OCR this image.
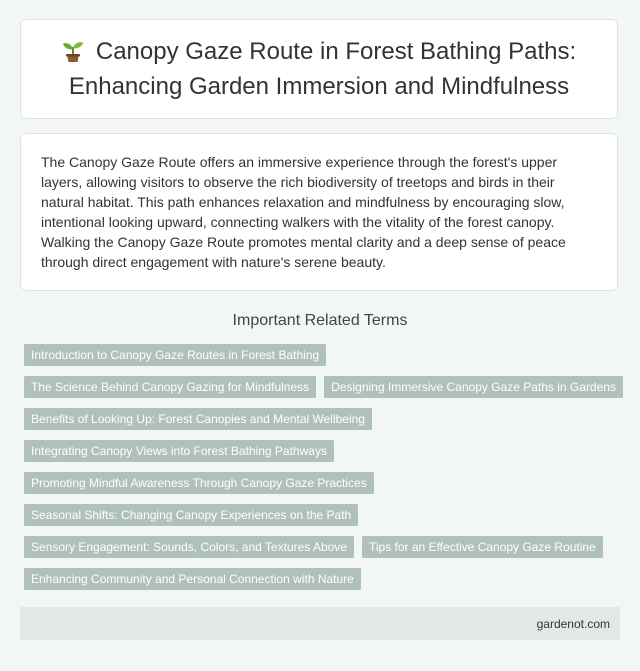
Canopy Gaze Route in Forest Bathing Paths: Enhancing Garden Immersion and Mindfulness

The Canopy Gaze Route offers an immersive experience through the forest's upper layers, allowing visitors to observe the rich biodiversity of treetops and birds in their natural habitat. This path enhances relaxation and mindfulness by encouraging slow, intentional looking upward, connecting walkers with the vitality of the forest canopy. Walking the Canopy Gaze Route promotes mental clarity and a deep sense of peace through direct engagement with nature's serene beauty.

Important Related Terms
Introduction to Canopy Gaze Routes in Forest Bathing
The Science Behind Canopy Gazing for Mindfulness	Designing Immersive Canopy Gaze Paths in Gardens
Benefits of Looking Up: Forest Canopies and Mental Wellbeing
Integrating Canopy Views into Forest Bathing Pathways
Promoting Mindful Awareness Through Canopy Gaze Practices
Seasonal Shifts: Changing Canopy Experiences on the Path
Sensory Engagement: Sounds, Colors, and Textures Above	Tips for an Effective Canopy Gaze Routine
Enhancing Community and Personal Connection with Nature
gardenot.com
